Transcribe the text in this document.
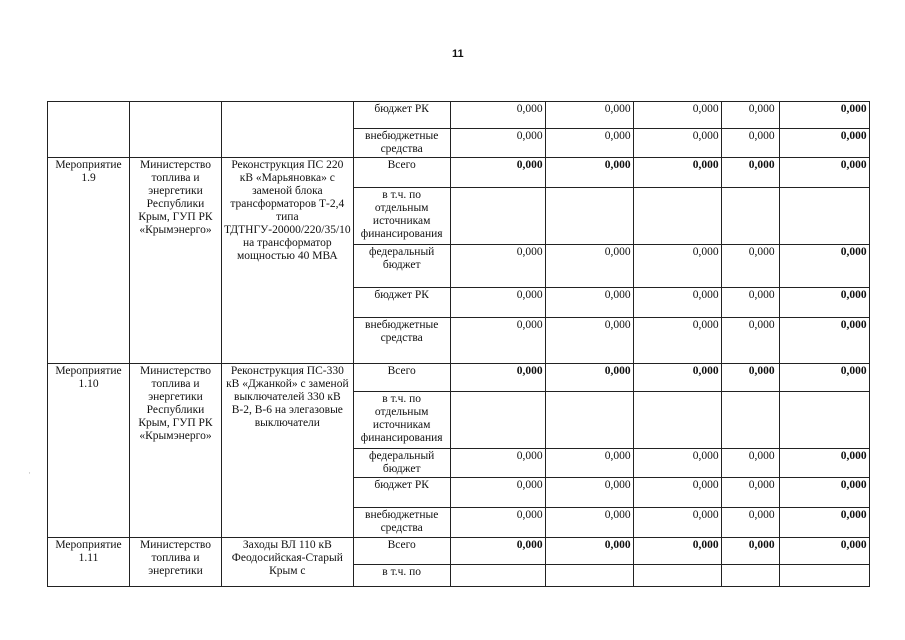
11
·
			бюджет РК	0,000	0,000	0,000	0,000	0,000
			внебюджетные средства	0,000	0,000	0,000	0,000	0,000
Мероприятие 1.9	Министерство топлива и энергетики Республики Крым, ГУП РК «Крымэнерго»	Реконструкция ПС 220 кВ «Марьяновка» с заменой блока трансформаторов Т-2,4 типа ТДТНГУ-20000/220/35/10 на трансформатор мощностью 40 МВА	Всего	0,000	0,000	0,000	0,000	0,000
			в т.ч. по отдельным источникам финансирования					
			федеральный бюджет	0,000	0,000	0,000	0,000	0,000
			бюджет РК	0,000	0,000	0,000	0,000	0,000
			внебюджетные средства	0,000	0,000	0,000	0,000	0,000
Мероприятие 1.10	Министерство топлива и энергетики Республики Крым, ГУП РК «Крымэнерго»	Реконструкция ПС-330 кВ «Джанкой» с заменой выключателей 330 кВ В-2, В-6 на элегазовые выключатели	Всего	0,000	0,000	0,000	0,000	0,000
			в т.ч. по отдельным источникам финансирования					
			федеральный бюджет	0,000	0,000	0,000	0,000	0,000
			бюджет РК	0,000	0,000	0,000	0,000	0,000
			внебюджетные средства	0,000	0,000	0,000	0,000	0,000
Мероприятие 1.11	Министерство топлива и энергетики	Заходы ВЛ 110 кВ Феодосийская-Старый Крым с	Всего	0,000	0,000	0,000	0,000	0,000
			в т.ч. по					
